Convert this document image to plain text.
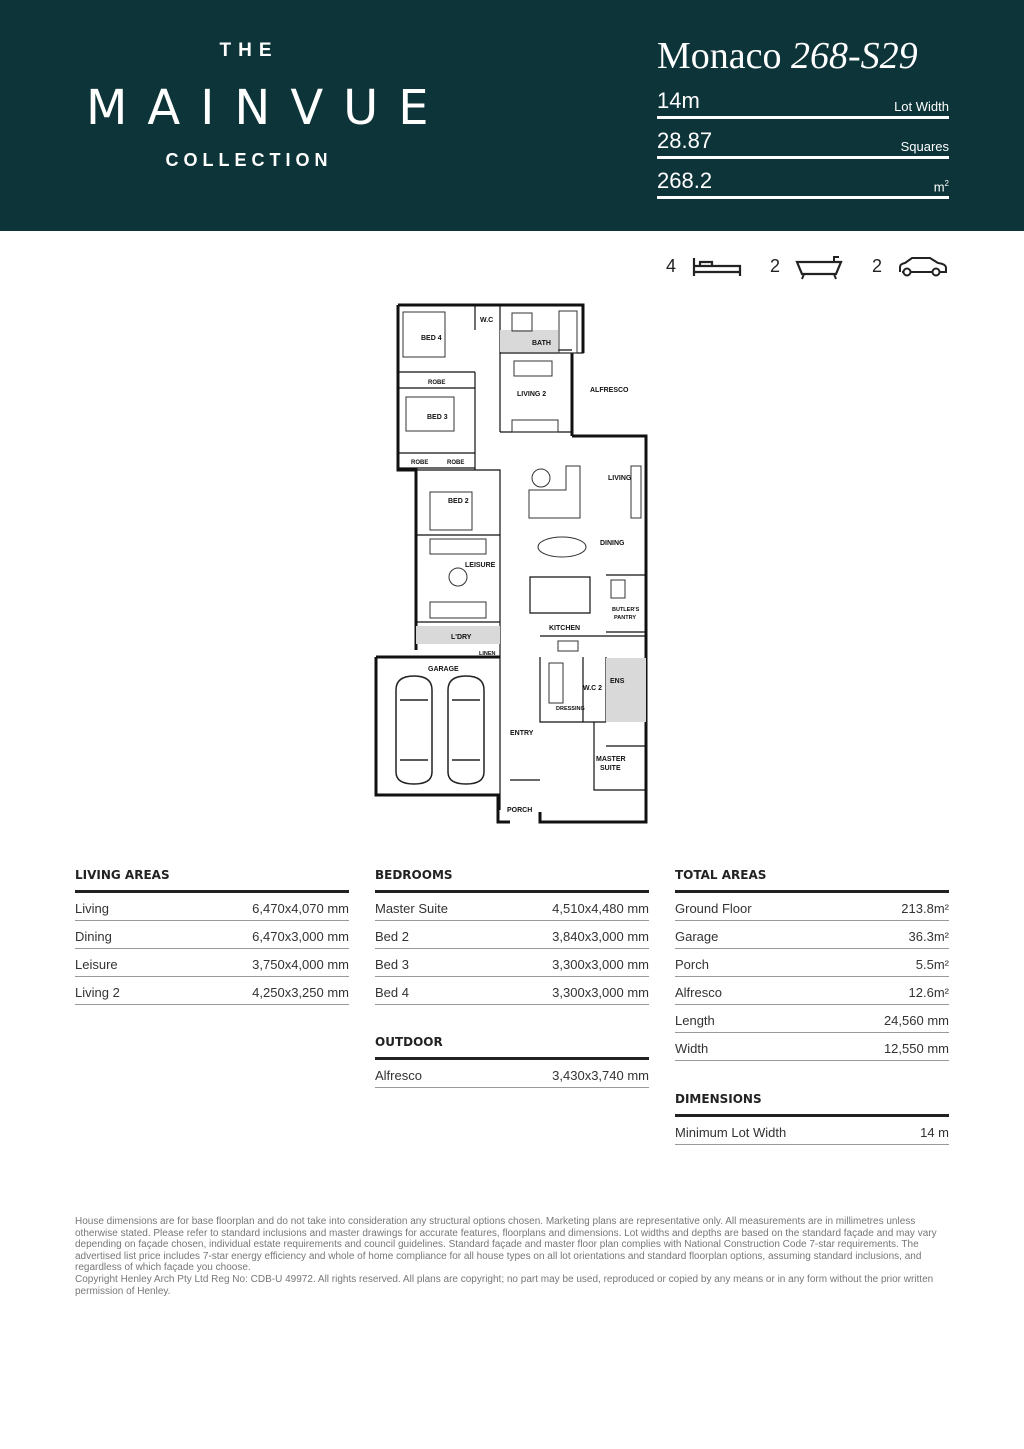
THE
MAINVUE
COLLECTION
Monaco 268-S29
14m	Lot Width
28.87	Squares
268.2	$m^2$
4	2	2
BED 4
W.C
BATH
ROBE
BED 3
LIVING 2
ALFRESCO
ROBE	ROBE
LIVING
BED 2
DINING
LEISURE
BUTLER'S
PANTRY
KITCHEN
L'DRY
LINEN
GARAGE
ENS
W.C 2
DRESSING
ENTRY
MASTER
SUITE
PORCH
LIVING AREAS
Living	6,470x4,070 mm
Dining	6,470x3,000 mm
Leisure	3,750x4,000 mm
Living 2	4,250x3,250 mm
BEDROOMS
Master Suite	4,510x4,480 mm
Bed 2	3,840x3,000 mm
Bed 3	3,300x3,000 mm
Bed 4	3,300x3,000 mm
OUTDOOR
Alfresco	3,430x3,740 mm
TOTAL AREAS
Ground Floor	213.8m²
Garage	36.3m²
Porch	5.5m²
Alfresco	12.6m²
Length	24,560 mm
Width	12,550 mm
DIMENSIONS
Minimum Lot Width	14 m

House dimensions are for base floorplan and do not take into consideration any structural options chosen. Marketing plans are representative only. All measurements are in millimetres unless otherwise stated. Please refer to standard inclusions and master drawings for accurate features, floorplans and dimensions. Lot widths and depths are based on the standard façade and may vary depending on façade chosen, individual estate requirements and council guidelines. Standard façade and master floor plan complies with National Construction Code 7-star requirements. The advertised list price includes 7-star energy efficiency and whole of home compliance for all house types on all lot orientations and standard floorplan options, assuming standard inclusions, and regardless of which façade you choose.

Copyright Henley Arch Pty Ltd Reg No: CDB-U 49972. All rights reserved. All plans are copyright; no part may be used, reproduced or copied by any means or in any form without the prior written permission of Henley.
